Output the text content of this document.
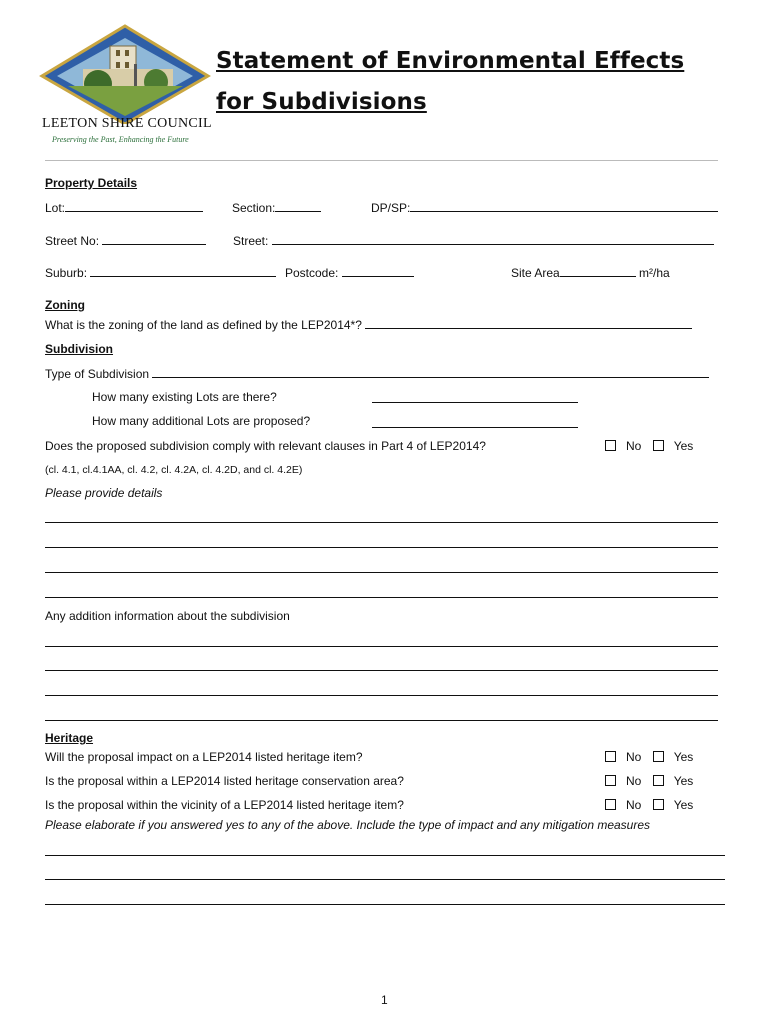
LEETON SHIRE COUNCIL
Preserving the Past, Enhancing the Future
Statement of Environmental Effects
for Subdivisions
Property Details
Lot:	Section:	DP/SP:
Street No:	Street:
Suburb:	Postcode:	Site Area	m²/ha
Zoning
What is the zoning of the land as defined by the LEP2014*?
Subdivision
Type of Subdivision
How many existing Lots are there?
How many additional Lots are proposed?
Does the proposed subdivision comply with relevant clauses in Part 4 of LEP2014?	No	Yes
(cl. 4.1, cl.4.1AA, cl. 4.2, cl. 4.2A, cl. 4.2D, and cl. 4.2E)
Please provide details
Any addition information about the subdivision
Heritage
Will the proposal impact on a LEP2014 listed heritage item?	No	Yes
Is the proposal within a LEP2014 listed heritage conservation area?	No	Yes
Is the proposal within the vicinity of a LEP2014 listed heritage item?	No	Yes
Please elaborate if you answered yes to any of the above. Include the type of impact and any mitigation measures
1
